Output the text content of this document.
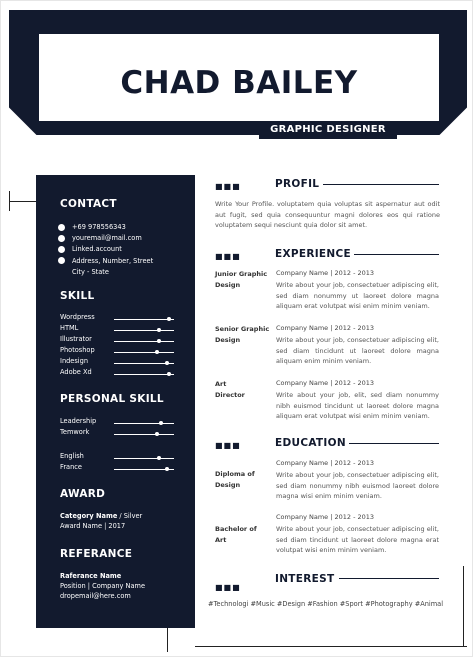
CHAD BAILEY
GRAPHIC DESIGNER
CONTACT
+69 978556343
youremail@mail.com
Linked.account
Address, Number, Street
City - State
SKILL
Wordpress
HTML
Illustrator
Photoshop
Indesign
Adobe Xd
PERSONAL SKILL
Leadership
Temwork
English
France
AWARD
Category Name / Silver
Award Name | 2017
REFERANCE
Raferance Name
Position | Company Name
dropemail@here.com
■■■	PROFIL
Write Your Profile. voluptatem quia voluptas sit aspernatur aut odit aut fugit, sed quia consequuntur magni dolores eos qui ratione voluptatem sequi nesciunt quia dolor sit amet.
■■■	EXPERIENCE
Junior Graphic Design
Company Name | 2012 - 2013
Write about your job, consectetuer adipiscing elit, sed diam nonummy ut laoreet dolore magna aliquam erat volutpat wisi enim minim veniam.
Senior Graphic Design
Company Name | 2012 - 2013
Write about your job, consectetuer adipiscing elit, sed diam tincidunt ut laoreet dolore magna aliquam enim minim veniam.
Art Director
Company Name | 2012 - 2013
Write about your job, elit, sed diam nonummy nibh euismod tincidunt ut laoreet dolore magna aliquam erat volutpat wisi enim minim veniam.
■■■	EDUCATION
Diploma of Design
Company Name | 2012 - 2013
Write about your job, consectetuer adipiscing elit, sed diam nonummy nibh euismod laoreet dolore magna wisi enim minim veniam.
Bachelor of Art
Company Name | 2012 - 2013
Write about your job, consectetuer adipiscing elit, sed diam tincidunt ut laoreet dolore magna erat volutpat wisi enim minim veniam.
■■■
INTEREST
#Technologi #Music #Design #Fashion #Sport #Photography #Animal
